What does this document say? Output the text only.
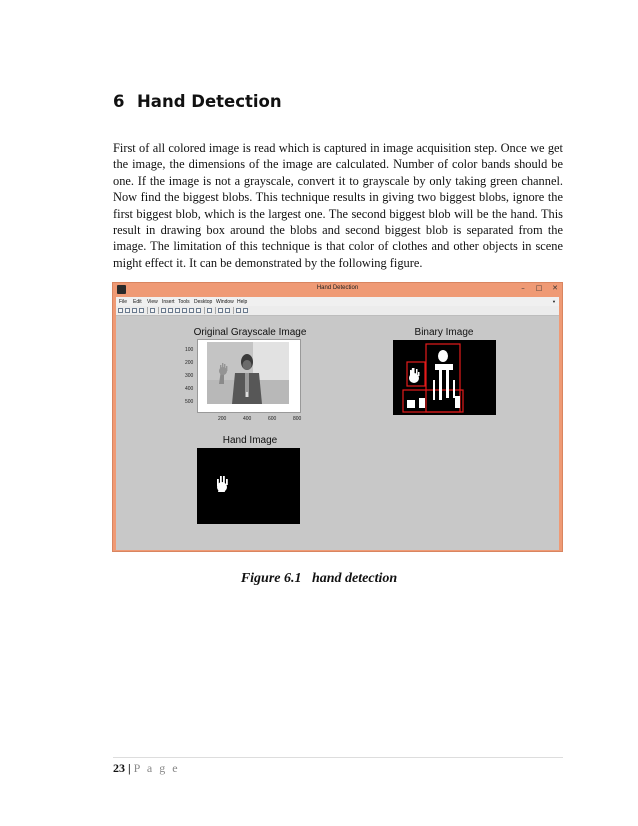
6 Hand Detection

First of all colored image is read which is captured in image acquisition step. Once we get the image, the dimensions of the image are calculated. Number of color bands should be one. If the image is not a grayscale, convert it to grayscale by only taking green channel. Now find the biggest blobs. This technique results in giving two biggest blobs, ignore the first biggest blob, which is the largest one. The second biggest blob will be the hand. This result in drawing box around the blobs and second biggest blob is separated from the image. The limitation of this technique is that color of clothes and other objects in scene might effect it. It can be demonstrated by the following figure.

Hand Detection	–	□ ✕
File Edit View Insert Tools Desktop Window Help	▼
Original Grayscale Image
100
200
300
400
500
200	400	600	800
Binary Image
Hand Image

Figure 6.1   hand detection

23 | P a g e
